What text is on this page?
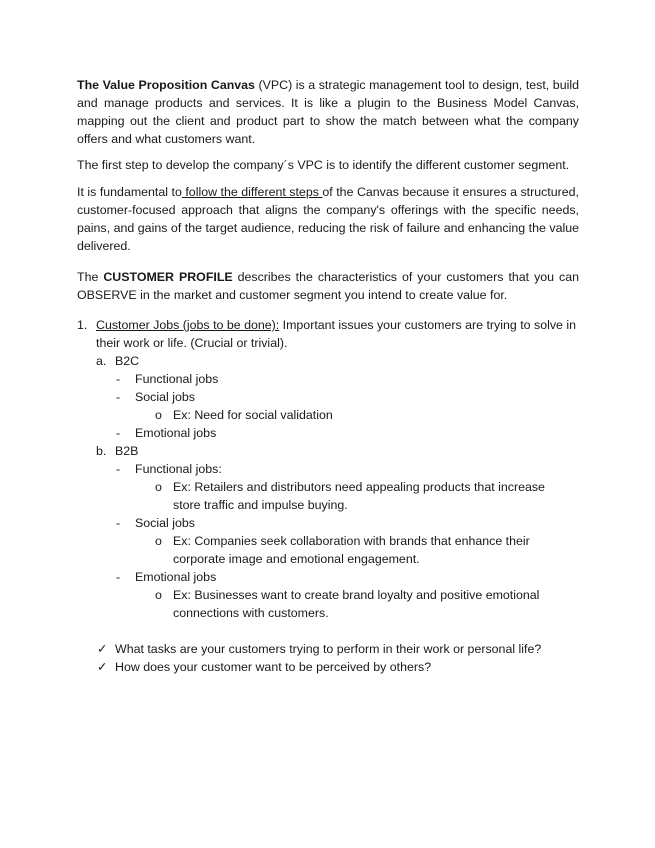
The Value Proposition Canvas (VPC) is a strategic management tool to design, test, build and manage products and services. It is like a plugin to the Business Model Canvas, mapping out the client and product part to show the match between what the company offers and what customers want.

The first step to develop the company´s VPC is to identify the different customer segment.

It is fundamental to follow the different steps of the Canvas because it ensures a structured, customer-focused approach that aligns the company's offerings with the specific needs, pains, and gains of the target audience, reducing the risk of failure and enhancing the value delivered.

The CUSTOMER PROFILE describes the characteristics of your customers that you can OBSERVE in the market and customer segment you intend to create value for.

1. Customer Jobs (jobs to be done): Important issues your customers are trying to solve in their work or life. (Crucial or trivial).
a. B2C
- Functional jobs
- Social jobs
o Ex: Need for social validation
- Emotional jobs
b. B2B
- Functional jobs:
o Ex: Retailers and distributors need appealing products that increase
store traffic and impulse buying.
- Social jobs
o Ex: Companies seek collaboration with brands that enhance their
corporate image and emotional engagement.
- Emotional jobs
o Ex: Businesses want to create brand loyalty and positive emotional
connections with customers.
✓ What tasks are your customers trying to perform in their work or personal life?
✓ How does your customer want to be perceived by others?
